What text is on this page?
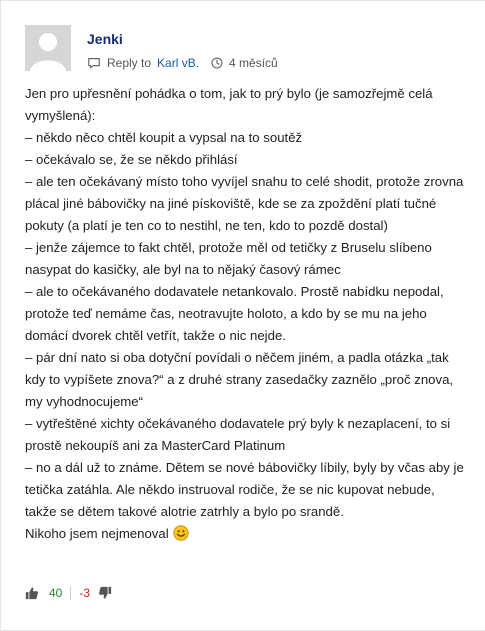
Jenki
Reply to Karl vB.	4 měsíců

Jen pro upřesnění pohádka o tom, jak to prý bylo (je samozřejmě celá vymyšlená):

– někdo něco chtěl koupit a vypsal na to soutěž

– očekávalo se, že se někdo přihlásí

– ale ten očekávaný místo toho vyvíjel snahu to celé shodit, protože zrovna plácal jiné bábovičky na jiné pískoviště, kde se za zpoždění platí tučné pokuty (a platí je ten co to nestihl, ne ten, kdo to pozdě dostal)

– jenže zájemce to fakt chtěl, protože měl od tetičky z Bruselu slíbeno nasypat do kasičky, ale byl na to nějaký časový rámec

– ale to očekávaného dodavatele netankovalo. Prostě nabídku nepodal, protože teď nemáme čas, neotravujte holoto, a kdo by se mu na jeho domácí dvorek chtěl vetřít, takže o nic nejde.

– pár dní nato si oba dotyční povídali o něčem jiném, a padla otázka „tak kdy to vypíšete znova?“ a z druhé strany zasedačky zaznělo „proč znova, my vyhodnocujeme“

– vytřeštěné xichty očekávaného dodavatele prý byly k nezaplacení, to si prostě nekoupíš ani za MasterCard Platinum

– no a dál už to známe. Dětem se nové bábovičky líbily, byly by včas aby je tetička zatáhla. Ale někdo instruoval rodiče, že se nic kupovat nebude, takže se dětem takové alotrie zatrhly a bylo po srandě.

Nikoho jsem nejmenoval

40 -3
